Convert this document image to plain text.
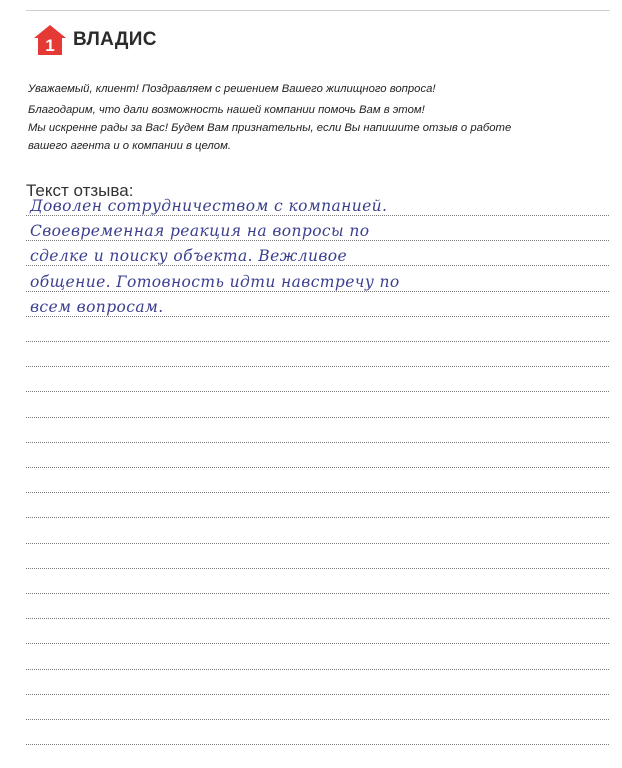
1 ВЛАДИС
Уважаемый, клиент! Поздравляем с решением Вашего жилищного вопроса!
Благодарим, что дали возможность нашей компании помочь Вам в этом!
Мы искренне рады за Вас! Будем Вам признательны, если Вы напишите отзыв о работе
вашего агента и о компании в целом.
Текст отзыва:
Доволен сотрудничеством с компанией.
Своевременная реакция на вопросы по
сделке и поиску объекта. Вежливое
общение. Готовность идти навстречу по
всем вопросам.
